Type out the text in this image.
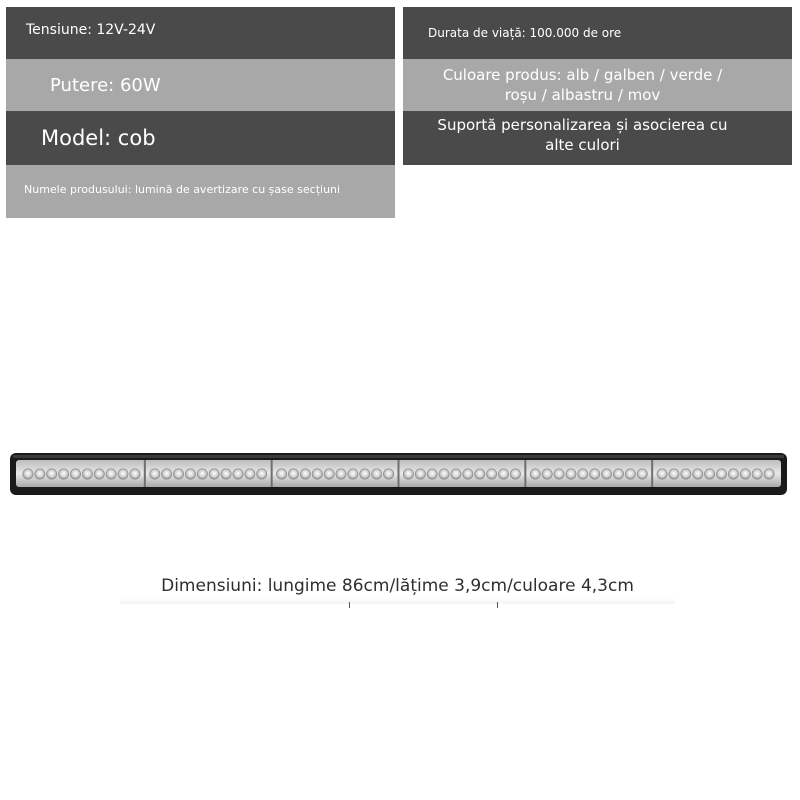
Tensiune: 12V-24V
Putere: 60W
Model: cob
Numele produsului: lumină de avertizare cu șase secțiuni
Durata de viață: 100.000 de ore
Culoare produs: alb / galben / verde /
roșu / albastru / mov
Suportă personalizarea și asocierea cu
alte culori
Dimensiuni: lungime 86cm/lățime 3,9cm/culoare 4,3cm
